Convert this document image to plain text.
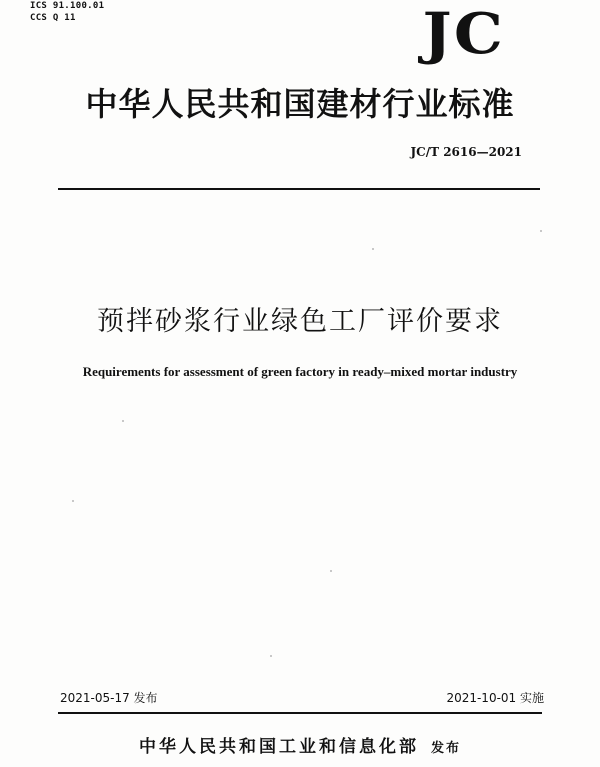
ICS 91.100.01
CCS Q 11	JC
中华人民共和国建材行业标准
JC/T 2616—2021
预拌砂浆行业绿色工厂评价要求
Requirements for assessment of green factory in ready–mixed mortar industry
2021-05-17 发布	2021-10-01 实施
中华人民共和国工业和信息化部 发布
